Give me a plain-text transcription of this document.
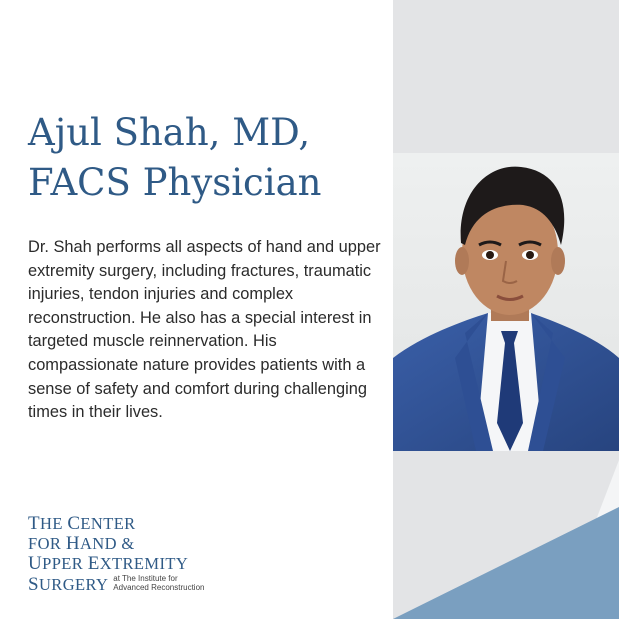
Ajul Shah, MD,
FACS Physician

Dr. Shah performs all aspects of hand and upper extremity surgery, including fractures, traumatic injuries, tendon injuries and complex reconstruction. He also has a special interest in targeted muscle reinnervation. His compassionate nature provides patients with a sense of safety and comfort during challenging times in their lives.

THE CENTER
FOR HAND &
UPPER EXTREMITY
SURGERY at The Institute for
Advanced Reconstruction
